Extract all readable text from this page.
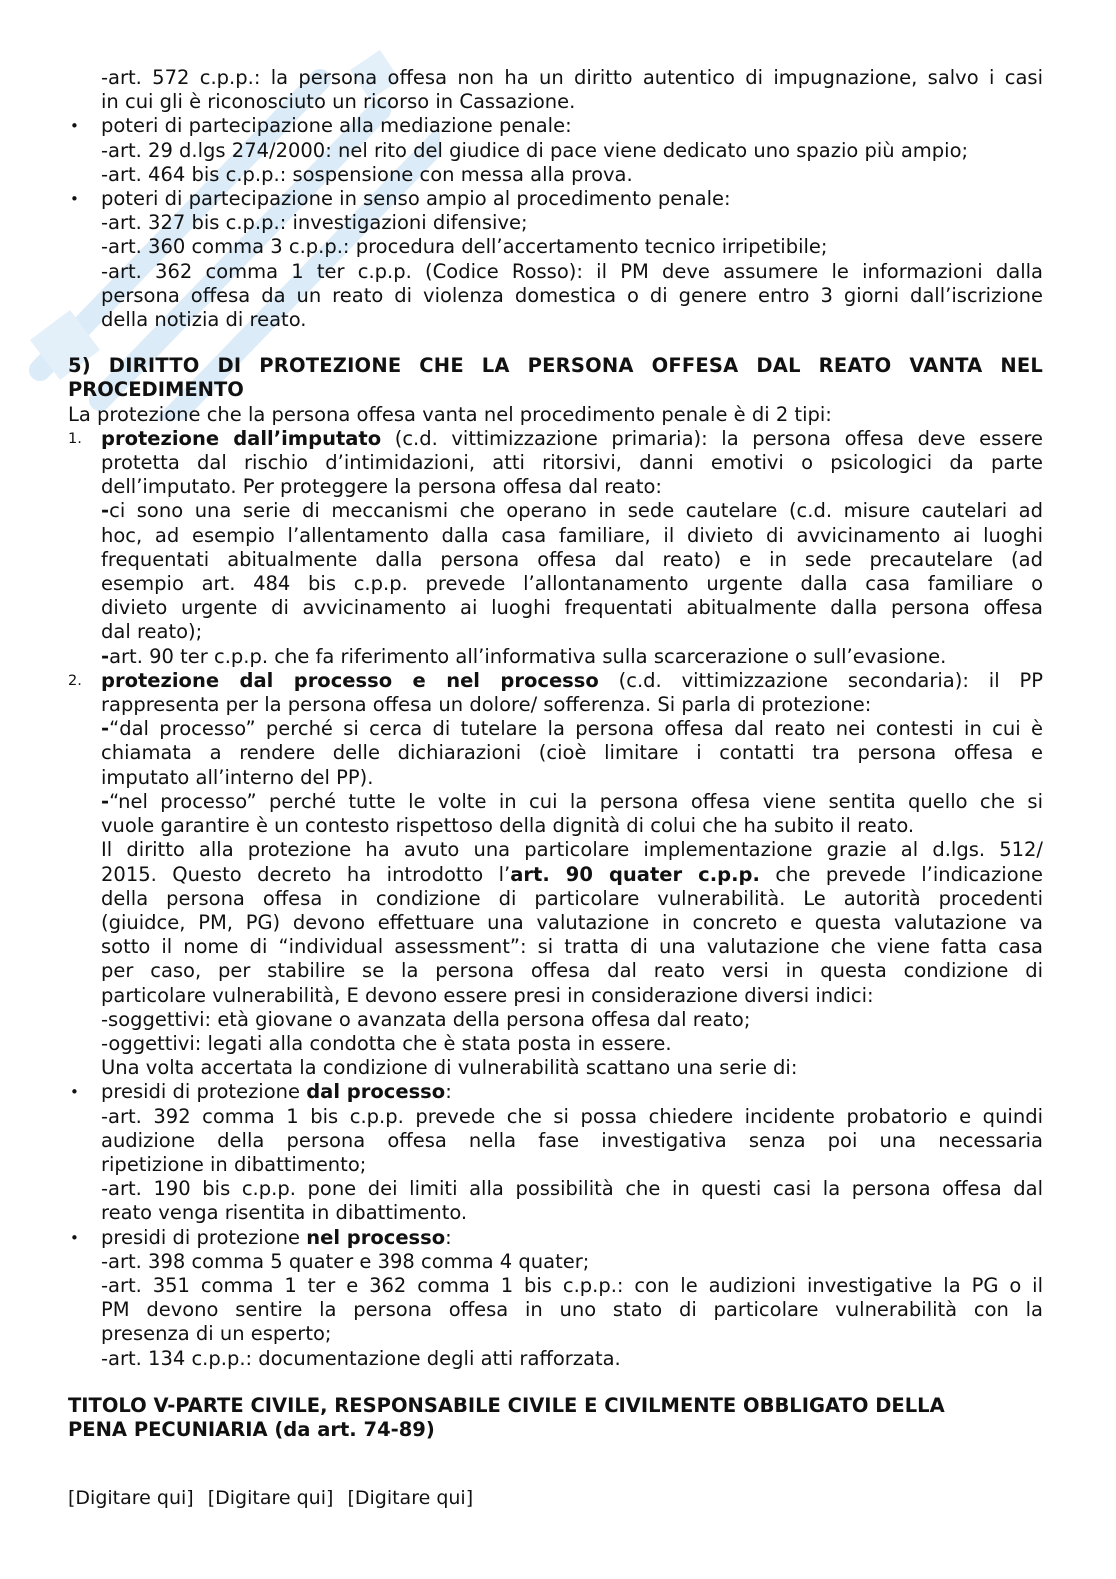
-art. 572 c.p.p.: la persona offesa non ha un diritto autentico di impugnazione, salvo i casi
in cui gli è riconosciuto un ricorso in Cassazione.
•	poteri di partecipazione alla mediazione penale:
-art. 29 d.lgs 274/2000: nel rito del giudice di pace viene dedicato uno spazio più ampio;
-art. 464 bis c.p.p.: sospensione con messa alla prova.
•	poteri di partecipazione in senso ampio al procedimento penale:
-art. 327 bis c.p.p.: investigazioni difensive;
-art. 360 comma 3 c.p.p.: procedura dell’accertamento tecnico irripetibile;
-art. 362 comma 1 ter c.p.p. (Codice Rosso): il PM deve assumere le informazioni dalla
persona offesa da un reato di violenza domestica o di genere entro 3 giorni dall’iscrizione
della notizia di reato.
5) DIRITTO DI PROTEZIONE CHE LA PERSONA OFFESA DAL REATO VANTA NEL
PROCEDIMENTO
La protezione che la persona offesa vanta nel procedimento penale è di 2 tipi:
1. protezione dall’imputato (c.d. vittimizzazione primaria): la persona offesa deve essere
protetta dal rischio d’intimidazioni, atti ritorsivi, danni emotivi o psicologici da parte
dell’imputato. Per proteggere la persona offesa dal reato:
-ci sono una serie di meccanismi che operano in sede cautelare (c.d. misure cautelari ad
hoc, ad esempio l’allentamento dalla casa familiare, il divieto di avvicinamento ai luoghi
frequentati abitualmente dalla persona offesa dal reato) e in sede precautelare (ad
esempio art. 484 bis c.p.p. prevede l’allontanamento urgente dalla casa familiare o
divieto urgente di avvicinamento ai luoghi frequentati abitualmente dalla persona offesa
dal reato);
-art. 90 ter c.p.p. che fa riferimento all’informativa sulla scarcerazione o sull’evasione.
2. protezione dal processo e nel processo (c.d. vittimizzazione secondaria): il PP
rappresenta per la persona offesa un dolore/ sofferenza. Si parla di protezione:
-“dal processo” perché si cerca di tutelare la persona offesa dal reato nei contesti in cui è
chiamata a rendere delle dichiarazioni (cioè limitare i contatti tra persona offesa e
imputato all’interno del PP).
-“nel processo” perché tutte le volte in cui la persona offesa viene sentita quello che si
vuole garantire è un contesto rispettoso della dignità di colui che ha subito il reato.
Il diritto alla protezione ha avuto una particolare implementazione grazie al d.lgs. 512/
2015. Questo decreto ha introdotto l’art. 90 quater c.p.p. che prevede l’indicazione
della persona offesa in condizione di particolare vulnerabilità. Le autorità procedenti
(giuidce, PM, PG) devono effettuare una valutazione in concreto e questa valutazione va
sotto il nome di “individual assessment”: si tratta di una valutazione che viene fatta casa
per caso, per stabilire se la persona offesa dal reato versi in questa condizione di
particolare vulnerabilità, E devono essere presi in considerazione diversi indici:
-soggettivi: età giovane o avanzata della persona offesa dal reato;
-oggettivi: legati alla condotta che è stata posta in essere.
Una volta accertata la condizione di vulnerabilità scattano una serie di:
•	presidi di protezione dal processo:
-art. 392 comma 1 bis c.p.p. prevede che si possa chiedere incidente probatorio e quindi
audizione della persona offesa nella fase investigativa senza poi una necessaria
ripetizione in dibattimento;
-art. 190 bis c.p.p. pone dei limiti alla possibilità che in questi casi la persona offesa dal
reato venga risentita in dibattimento.
•	presidi di protezione nel processo:
-art. 398 comma 5 quater e 398 comma 4 quater;
-art. 351 comma 1 ter e 362 comma 1 bis c.p.p.: con le audizioni investigative la PG o il
PM devono sentire la persona offesa in uno stato di particolare vulnerabilità con la
presenza di un esperto;
-art. 134 c.p.p.: documentazione degli atti rafforzata.
TITOLO V-PARTE CIVILE, RESPONSABILE CIVILE E CIVILMENTE OBBLIGATO DELLA
PENA PECUNIARIA (da art. 74-89)
[Digitare qui] [Digitare qui] [Digitare qui]
